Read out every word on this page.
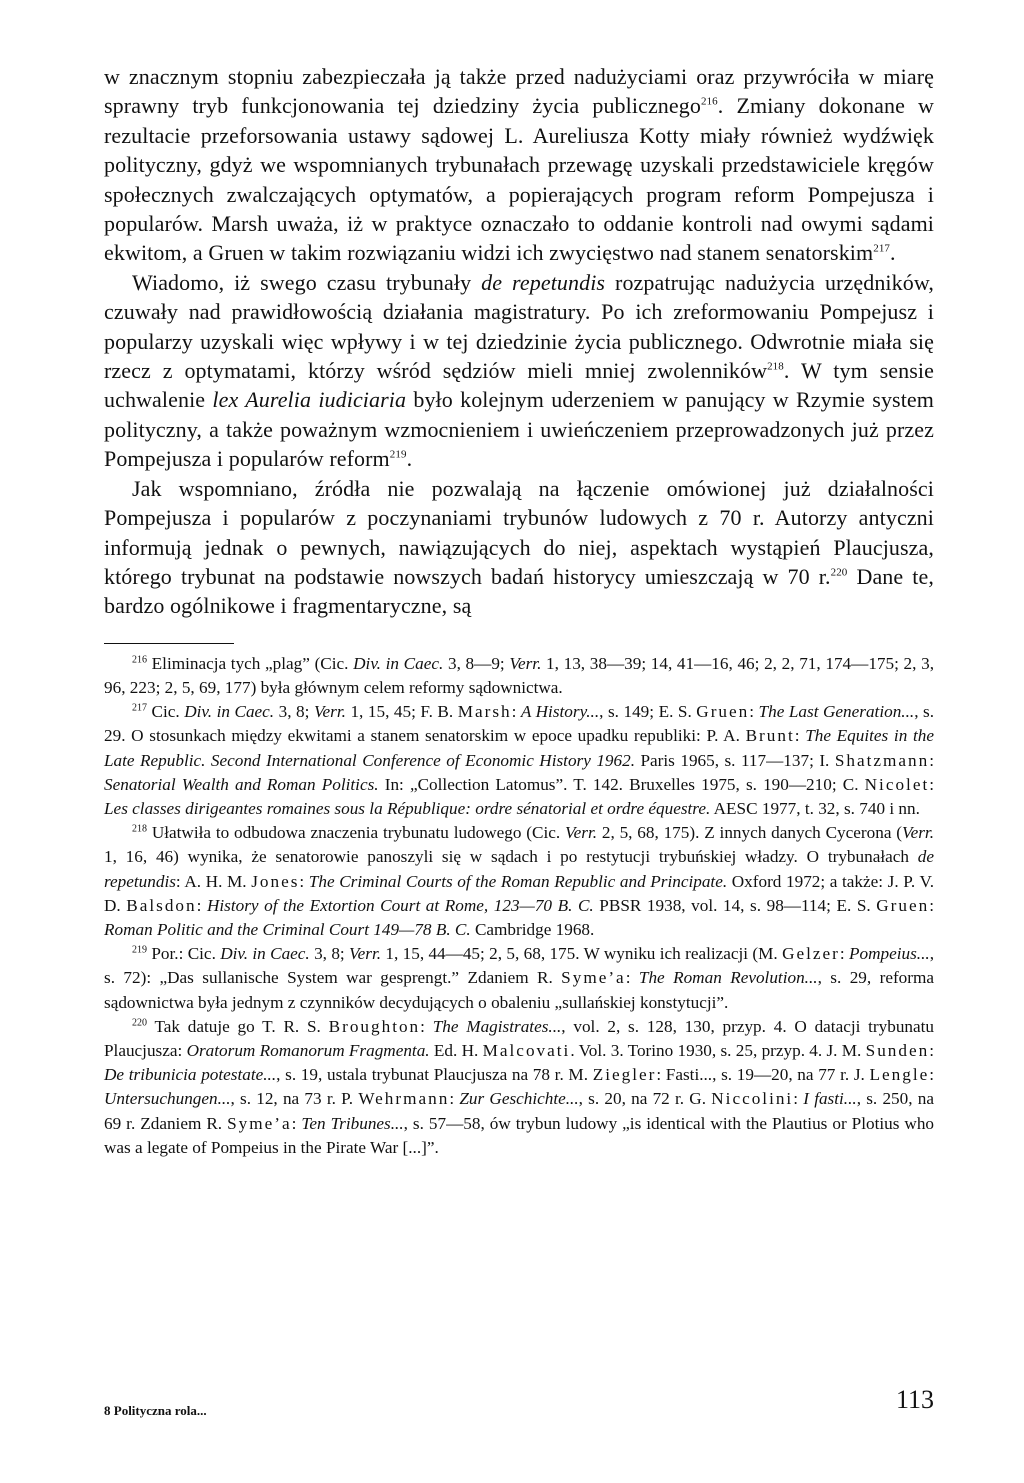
w znacznym stopniu zabezpieczała ją także przed nadużyciami oraz przywróciła w miarę sprawny tryb funkcjonowania tej dziedziny życia publicznego$^{216}$. Zmiany dokonane w rezultacie przeforsowania ustawy sądowej L. Aureliusza Kotty miały również wydźwięk polityczny, gdyż we wspomnianych trybunałach przewagę uzyskali przedstawiciele kręgów społecznych zwalczających optymatów, a popierających program reform Pompejusza i popularów. Marsh uważa, iż w praktyce oznaczało to oddanie kontroli nad owymi sądami ekwitom, a Gruen w takim rozwiązaniu widzi ich zwycięstwo nad stanem senatorskim$^{217}$.

Wiadomo, iż swego czasu trybunały de repetundis rozpatrując nadużycia urzędników, czuwały nad prawidłowością działania magistratury. Po ich zreformowaniu Pompejusz i popularzy uzyskali więc wpływy i w tej dziedzinie życia publicznego. Odwrotnie miała się rzecz z optymatami, którzy wśród sędziów mieli mniej zwolenników$^{218}$. W tym sensie uchwalenie lex Aurelia iudiciaria było kolejnym uderzeniem w panujący w Rzymie system polityczny, a także poważnym wzmocnieniem i uwieńczeniem przeprowadzonych już przez Pompejusza i popularów reform$^{219}$.

Jak wspomniano, źródła nie pozwalają na łączenie omówionej już działalności Pompejusza i popularów z poczynaniami trybunów ludowych z 70 r. Autorzy antyczni informują jednak o pewnych, nawiązujących do niej, aspektach wystąpień Plaucjusza, którego trybunat na podstawie nowszych badań historycy umieszczają w 70 r.$^{220}$ Dane te, bardzo ogólnikowe i fragmentaryczne, są

$^{216}$ Eliminacja tych „plag” (Cic. Div. in Caec. 3, 8—9; Verr. 1, 13, 38—39; 14, 41—16, 46; 2, 2, 71, 174—175; 2, 3, 96, 223; 2, 5, 69, 177) była głównym celem reformy sądownictwa.

$^{217}$ Cic. Div. in Caec. 3, 8; Verr. 1, 15, 45; F. B. Marsh: A History..., s. 149; E. S. Gruen: The Last Generation..., s. 29. O stosunkach między ekwitami a stanem senatorskim w epoce upadku republiki: P. A. Brunt: The Equites in the Late Republic. Second International Conference of Economic History 1962. Paris 1965, s. 117—137; I. Shatzmann: Senatorial Wealth and Roman Politics. In: „Collection Latomus”. T. 142. Bruxelles 1975, s. 190—210; C. Nicolet: Les classes dirigeantes romaines sous la République: ordre sénatorial et ordre équestre. AESC 1977, t. 32, s. 740 i nn.

$^{218}$ Ułatwiła to odbudowa znaczenia trybunatu ludowego (Cic. Verr. 2, 5, 68, 175). Z innych danych Cycerona (Verr. 1, 16, 46) wynika, że senatorowie panoszyli się w sądach i po restytucji trybuńskiej władzy. O trybunałach de repetundis: A. H. M. Jones: The Criminal Courts of the Roman Republic and Principate. Oxford 1972; a także: J. P. V. D. Balsdon: History of the Extortion Court at Rome, 123—70 B. C. PBSR 1938, vol. 14, s. 98—114; E. S. Gruen: Roman Politic and the Criminal Court 149—78 B. C. Cambridge 1968.

$^{219}$ Por.: Cic. Div. in Caec. 3, 8; Verr. 1, 15, 44—45; 2, 5, 68, 175. W wyniku ich realizacji (M. Gelzer: Pompeius..., s. 72): „Das sullanische System war gesprengt.” Zdaniem R. Syme’a: The Roman Revolution..., s. 29, reforma sądownictwa była jednym z czynników decydujących o obaleniu „sullańskiej konstytucji”.

$^{220}$ Tak datuje go T. R. S. Broughton: The Magistrates..., vol. 2, s. 128, 130, przyp. 4. O datacji trybunatu Plaucjusza: Oratorum Romanorum Fragmenta. Ed. H. Malcovati. Vol. 3. Torino 1930, s. 25, przyp. 4. J. M. Sunden: De tribunicia potestate..., s. 19, ustala trybunat Plaucjusza na 78 r. M. Ziegler: Fasti..., s. 19—20, na 77 r. J. Lengle: Untersuchungen..., s. 12, na 73 r. P. Wehrmann: Zur Geschichte..., s. 20, na 72 r. G. Niccolini: I fasti..., s. 250, na 69 r. Zdaniem R. Syme’a: Ten Tribunes..., s. 57—58, ów trybun ludowy „is identical with the Plautius or Plotius who was a legate of Pompeius in the Pirate War [...]”.

8 Polityczna rola...	113
